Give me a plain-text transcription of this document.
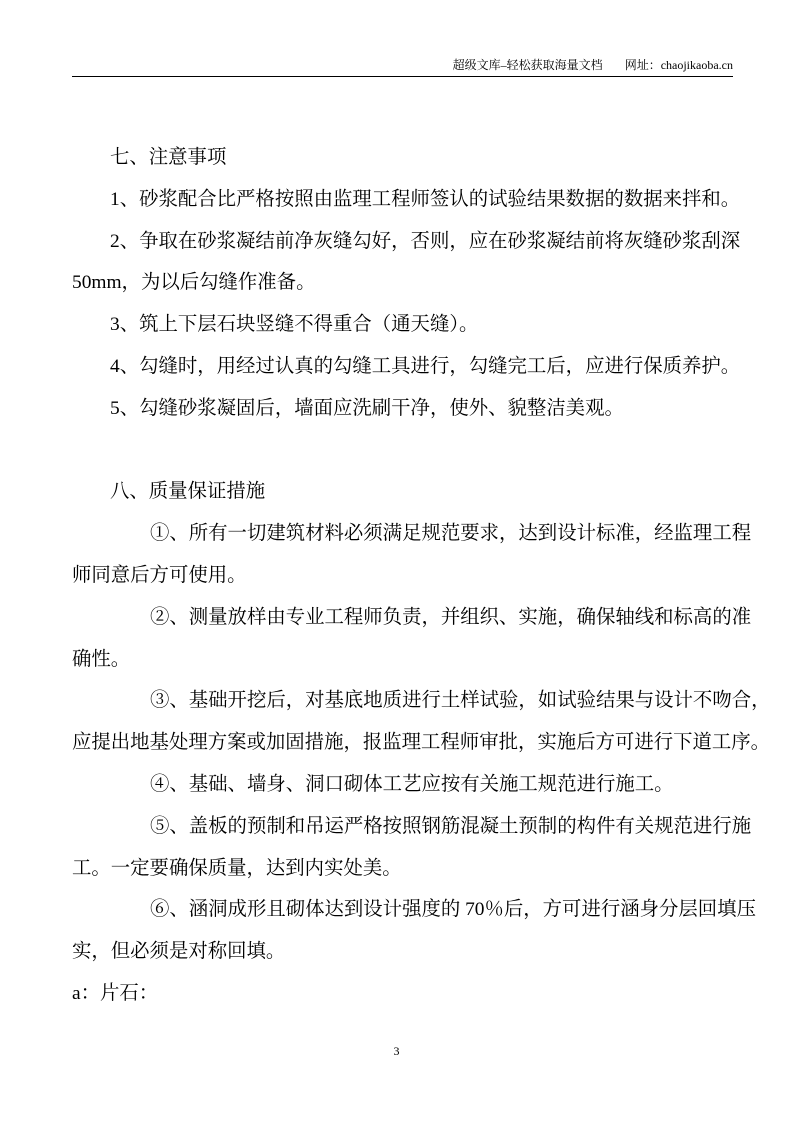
超级文库–轻松获取海量文档 网址：chaojikaoba.cn
七、注意事项
1、砂浆配合比严格按照由监理工程师签认的试验结果数据的数据来拌和。
2、争取在砂浆凝结前净灰缝勾好，否则，应在砂浆凝结前将灰缝砂浆刮深
50mm，为以后勾缝作准备。
3、筑上下层石块竖缝不得重合（通天缝）。
4、勾缝时，用经过认真的勾缝工具进行，勾缝完工后，应进行保质养护。
5、勾缝砂浆凝固后，墙面应洗刷干净，使外、貌整洁美观。
八、质量保证措施
①、所有一切建筑材料必须满足规范要求，达到设计标准，经监理工程
师同意后方可使用。
②、测量放样由专业工程师负责，并组织、实施，确保轴线和标高的准
确性。
③、基础开挖后，对基底地质进行土样试验，如试验结果与设计不吻合，
应提出地基处理方案或加固措施，报监理工程师审批，实施后方可进行下道工序。
④、基础、墙身、洞口砌体工艺应按有关施工规范进行施工。
⑤、盖板的预制和吊运严格按照钢筋混凝土预制的构件有关规范进行施
工。一定要确保质量，达到内实处美。
⑥、涵洞成形且砌体达到设计强度的 70％后，方可进行涵身分层回填压
实，但必须是对称回填。
a：片石：
3
